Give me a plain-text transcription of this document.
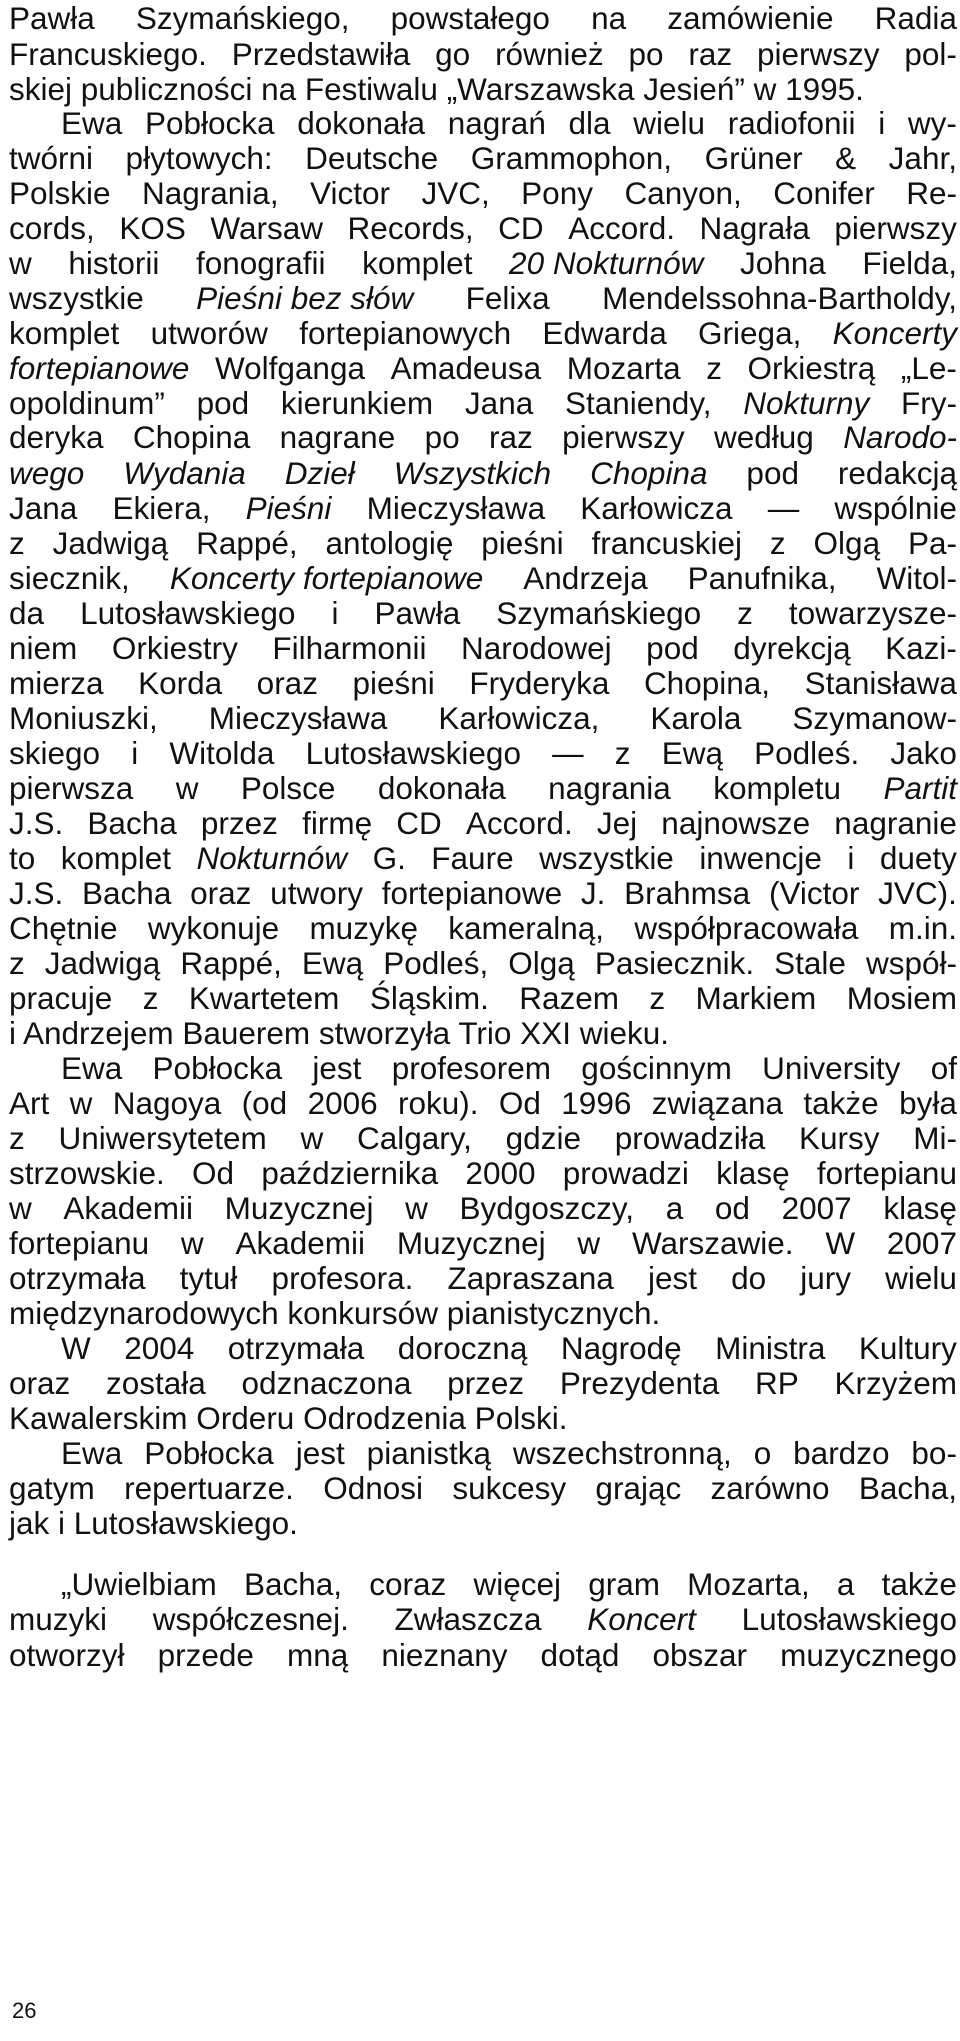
Pawła Szymańskiego, powstałego na zamówienie Radia
Francuskiego. Przedstawiła go również po raz pierwszy pol-
skiej publiczności na Festiwalu „Warszawska Jesień” w 1995.
Ewa Pobłocka dokonała nagrań dla wielu radiofonii i wy-
twórni płytowych: Deutsche Grammophon, Grüner & Jahr,
Polskie Nagrania, Victor JVC, Pony Canyon, Conifer Re-
cords, KOS Warsaw Records, CD Accord. Nagrała pierwszy
w historii fonografii komplet 20 Nokturnów Johna Fielda,
wszystkie Pieśni bez słów Felixa Mendelssohna-Bartholdy,
komplet utworów fortepianowych Edwarda Griega, Koncerty
fortepianowe Wolfganga Amadeusa Mozarta z Orkiestrą „Le-
opoldinum” pod kierunkiem Jana Staniendy, Nokturny Fry-
deryka Chopina nagrane po raz pierwszy według Narodo-
wego Wydania Dzieł Wszystkich Chopina pod redakcją
Jana Ekiera, Pieśni Mieczysława Karłowicza — wspólnie
z Jadwigą Rappé, antologię pieśni francuskiej z Olgą Pa-
siecznik, Koncerty fortepianowe Andrzeja Panufnika, Witol-
da Lutosławskiego i Pawła Szymańskiego z towarzysze-
niem Orkiestry Filharmonii Narodowej pod dyrekcją Kazi-
mierza Korda oraz pieśni Fryderyka Chopina, Stanisława
Moniuszki, Mieczysława Karłowicza, Karola Szymanow-
skiego i Witolda Lutosławskiego — z Ewą Podleś. Jako
pierwsza w Polsce dokonała nagrania kompletu Partit
J.S. Bacha przez firmę CD Accord. Jej najnowsze nagranie
to komplet Nokturnów G. Faure wszystkie inwencje i duety
J.S. Bacha oraz utwory fortepianowe J. Brahmsa (Victor JVC).
Chętnie wykonuje muzykę kameralną, współpracowała m.in.
z Jadwigą Rappé, Ewą Podleś, Olgą Pasiecznik. Stale współ-
pracuje z Kwartetem Śląskim. Razem z Markiem Mosiem
i Andrzejem Bauerem stworzyła Trio XXI wieku.
Ewa Pobłocka jest profesorem gościnnym University of
Art w Nagoya (od 2006 roku). Od 1996 związana także była
z Uniwersytetem w Calgary, gdzie prowadziła Kursy Mi-
strzowskie. Od października 2000 prowadzi klasę fortepianu
w Akademii Muzycznej w Bydgoszczy, a od 2007 klasę
fortepianu w Akademii Muzycznej w Warszawie. W 2007
otrzymała tytuł profesora. Zapraszana jest do jury wielu
międzynarodowych konkursów pianistycznych.
W 2004 otrzymała doroczną Nagrodę Ministra Kultury
oraz została odznaczona przez Prezydenta RP Krzyżem
Kawalerskim Orderu Odrodzenia Polski.
Ewa Pobłocka jest pianistką wszechstronną, o bardzo bo-
gatym repertuarze. Odnosi sukcesy grając zarówno Bacha,
jak i Lutosławskiego.
„Uwielbiam Bacha, coraz więcej gram Mozarta, a także
muzyki współczesnej. Zwłaszcza Koncert Lutosławskiego
otworzył przede mną nieznany dotąd obszar muzycznego
26
